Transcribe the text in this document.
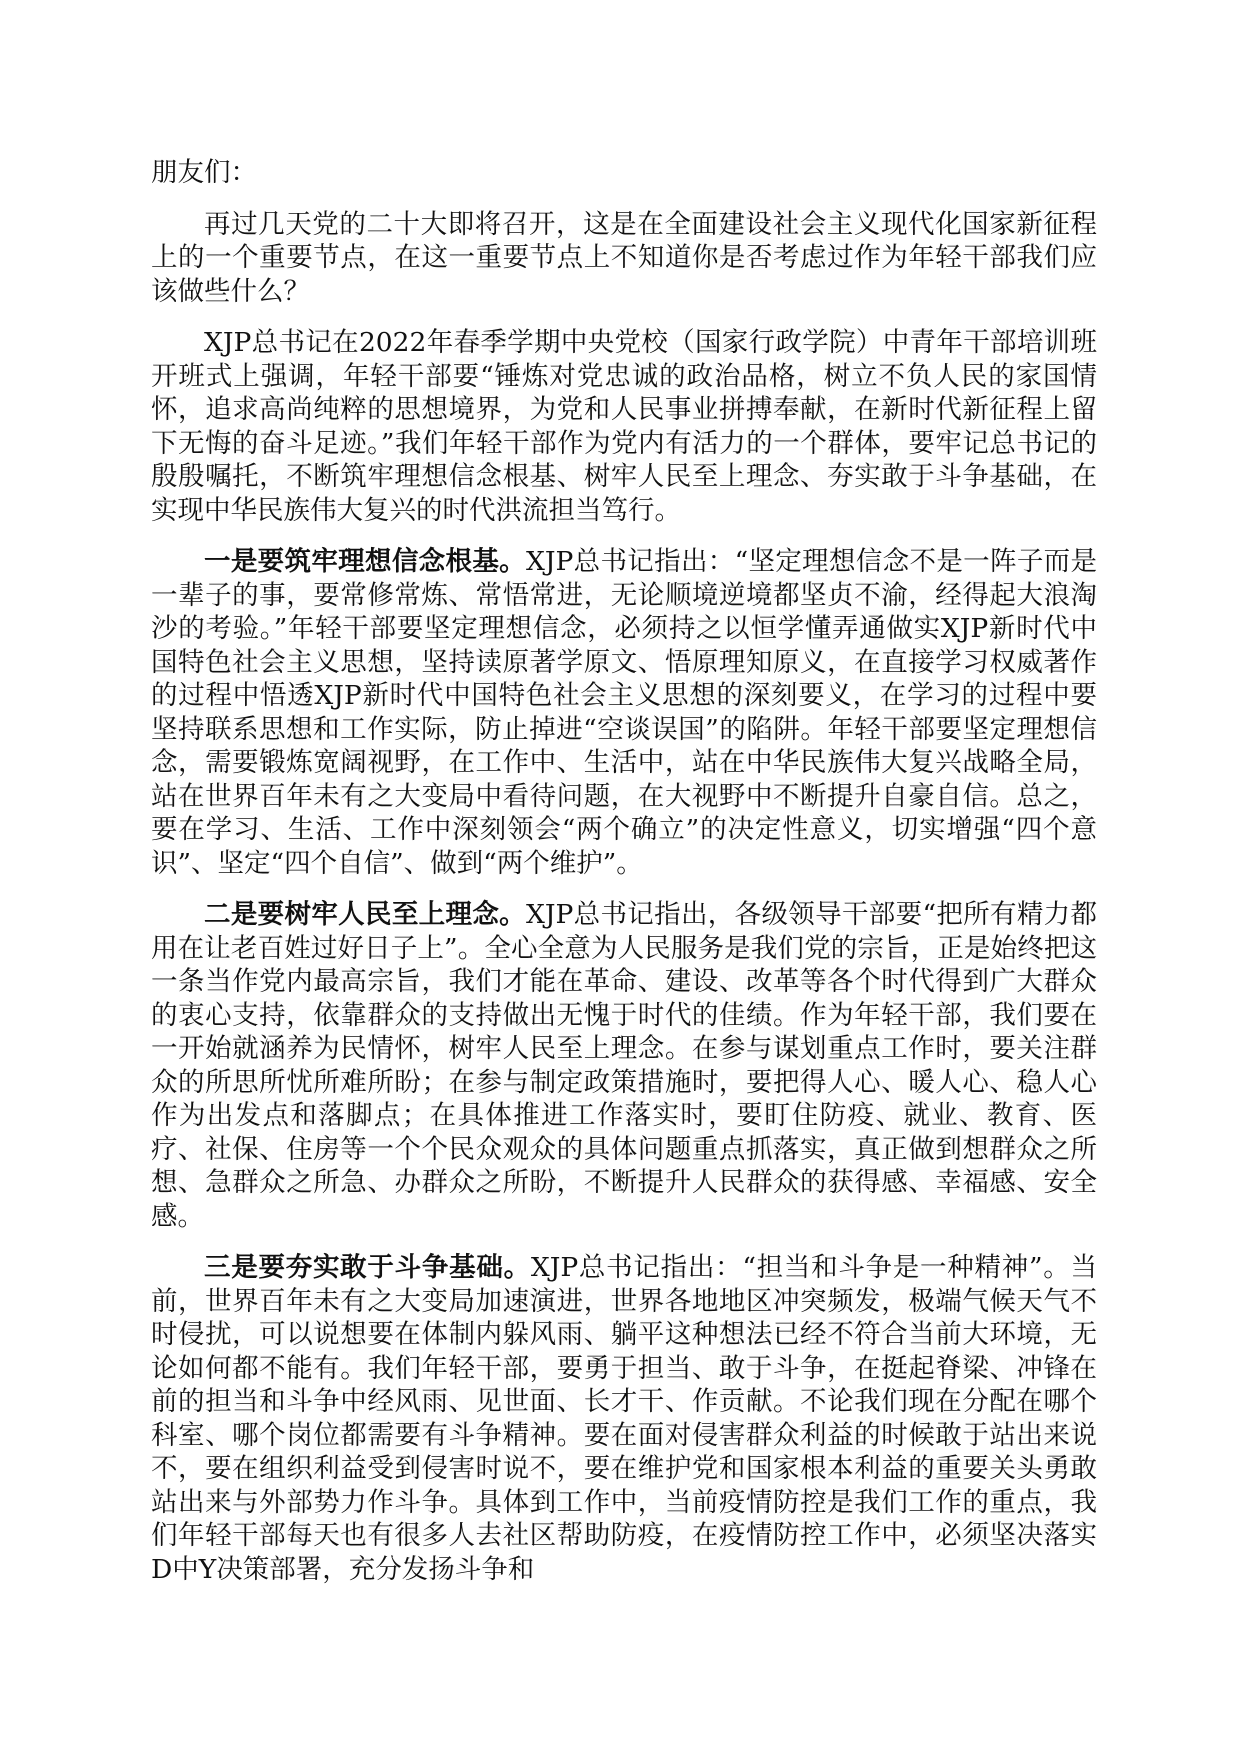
朋友们：

再过几天党的二十大即将召开，这是在全面建设社会主义现代化国家新征程上的一个重要节点，在这一重要节点上不知道你是否考虑过作为年轻干部我们应该做些什么？

XJP总书记在2022年春季学期中央党校（国家行政学院）中青年干部培训班开班式上强调，年轻干部要“锤炼对党忠诚的政治品格，树立不负人民的家国情怀，追求高尚纯粹的思想境界，为党和人民事业拼搏奉献，在新时代新征程上留下无悔的奋斗足迹。”我们年轻干部作为党内有活力的一个群体，要牢记总书记的殷殷嘱托，不断筑牢理想信念根基、树牢人民至上理念、夯实敢于斗争基础，在实现中华民族伟大复兴的时代洪流担当笃行。

一是要筑牢理想信念根基。XJP总书记指出：“坚定理想信念不是一阵子而是一辈子的事，要常修常炼、常悟常进，无论顺境逆境都坚贞不渝，经得起大浪淘沙的考验。”年轻干部要坚定理想信念，必须持之以恒学懂弄通做实XJP新时代中国特色社会主义思想，坚持读原著学原文、悟原理知原义，在直接学习权威著作的过程中悟透XJP新时代中国特色社会主义思想的深刻要义，在学习的过程中要坚持联系思想和工作实际，防止掉进“空谈误国”的陷阱。年轻干部要坚定理想信念，需要锻炼宽阔视野，在工作中、生活中，站在中华民族伟大复兴战略全局，站在世界百年未有之大变局中看待问题，在大视野中不断提升自豪自信。总之，要在学习、生活、工作中深刻领会“两个确立”的决定性意义，切实增强“四个意识”、坚定“四个自信”、做到“两个维护”。

二是要树牢人民至上理念。XJP总书记指出，各级领导干部要“把所有精力都用在让老百姓过好日子上”。全心全意为人民服务是我们党的宗旨，正是始终把这一条当作党内最高宗旨，我们才能在革命、建设、改革等各个时代得到广大群众的衷心支持，依靠群众的支持做出无愧于时代的佳绩。作为年轻干部，我们要在一开始就涵养为民情怀，树牢人民至上理念。在参与谋划重点工作时，要关注群众的所思所忧所难所盼；在参与制定政策措施时，要把得人心、暖人心、稳人心作为出发点和落脚点；在具体推进工作落实时，要盯住防疫、就业、教育、医疗、社保、住房等一个个民众观众的具体问题重点抓落实，真正做到想群众之所想、急群众之所急、办群众之所盼，不断提升人民群众的获得感、幸福感、安全感。

三是要夯实敢于斗争基础。XJP总书记指出：“担当和斗争是一种精神”。当前，世界百年未有之大变局加速演进，世界各地地区冲突频发，极端气候天气不时侵扰，可以说想要在体制内躲风雨、躺平这种想法已经不符合当前大环境，无论如何都不能有。我们年轻干部，要勇于担当、敢于斗争，在挺起脊梁、冲锋在前的担当和斗争中经风雨、见世面、长才干、作贡献。不论我们现在分配在哪个科室、哪个岗位都需要有斗争精神。要在面对侵害群众利益的时候敢于站出来说不，要在组织利益受到侵害时说不，要在维护党和国家根本利益的重要关头勇敢站出来与外部势力作斗争。具体到工作中，当前疫情防控是我们工作的重点，我们年轻干部每天也有很多人去社区帮助防疫，在疫情防控工作中，必须坚决落实D中Y决策部署，充分发扬斗争和
